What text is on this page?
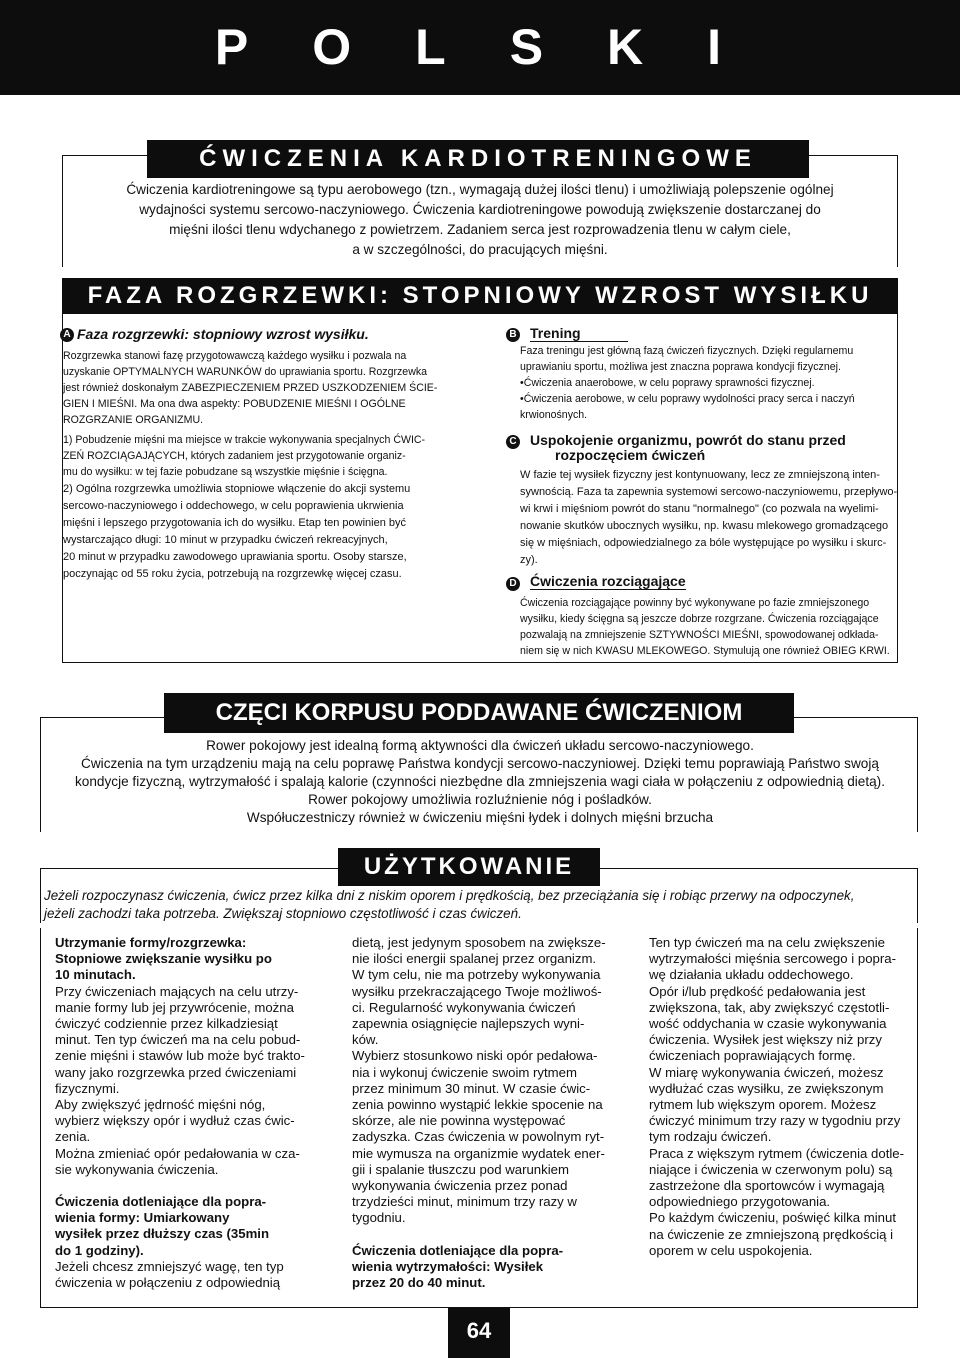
POLSKI
ĆWICZENIA KARDIOTRENINGOWE

Ćwiczenia kardiotreningowe są typu aerobowego (tzn., wymagają dużej ilości tlenu) i umożliwiają polepszenie ogólnej

wydajności systemu sercowo-naczyniowego. Ćwiczenia kardiotreningowe powodują zwiększenie dostarczanej do

mięśni ilości tlenu wdychanego z powietrzem. Zadaniem serca jest rozprowadzenia tlenu w całym ciele,

a w szczególności, do pracujących mięśni.

FAZA ROZGRZEWKI: STOPNIOWY WZROST WYSIŁKU
A Faza rozgrzewki: stopniowy wzrost wysiłku.

Rozgrzewka stanowi fazę przygotowawczą każdego wysiłku i pozwala na

uzyskanie OPTYMALNYCH WARUNKÓW do uprawiania sportu. Rozgrzewka

jest również doskonałym ZABEZPIECZENIEM PRZED USZKODZENIEM ŚCIE-

GIEN I MIEŚNI. Ma ona dwa aspekty: POBUDZENIE MIEŚNI I OGÓLNE

ROZGRZANIE ORGANIZMU.

1) Pobudzenie mięśni ma miejsce w trakcie wykonywania specjalnych ĆWIC-

ZEŃ ROZCIĄGAJĄCYCH, których zadaniem jest przygotowanie organiz-

mu do wysiłku: w tej fazie pobudzane są wszystkie mięśnie i ścięgna.

2) Ogólna rozgrzewka umożliwia stopniowe włączenie do akcji systemu

sercowo-naczyniowego i oddechowego, w celu poprawienia ukrwienia

mięśni i lepszego przygotowania ich do wysiłku. Etap ten powinien być

wystarczająco długi: 10 minut w przypadku ćwiczeń rekreacyjnych,

20 minut w przypadku zawodowego uprawiania sportu. Osoby starsze,

poczynając od 55 roku życia, potrzebują na rozgrzewkę więcej czasu.

B Trening

Faza treningu jest główną fazą ćwiczeń fizycznych. Dzięki regularnemu

uprawianiu sportu, możliwa jest znaczna poprawa kondycji fizycznej.

• Ćwiczenia anaerobowe, w celu poprawy sprawności fizycznej.

• Ćwiczenia aerobowe, w celu poprawy wydolności pracy serca i naczyń

krwionośnych.

C Uspokojenie organizmu, powrót do stanu przed
rozpoczęciem ćwiczeń

W fazie tej wysiłek fizyczny jest kontynuowany, lecz ze zmniejszoną inten-

sywnością. Faza ta zapewnia systemowi sercowo-naczyniowemu, przepływo-

wi krwi i mięśniom powrót do stanu "normalnego" (co pozwala na wyelimi-

nowanie skutków ubocznych wysiłku, np. kwasu mlekowego gromadzącego

się w mięśniach, odpowiedzialnego za bóle występujące po wysiłku i skurc-

zy).

D Ćwiczenia rozciągające

Ćwiczenia rozciągające powinny być wykonywane po fazie zmniejszonego

wysiłku, kiedy ścięgna są jeszcze dobrze rozgrzane. Ćwiczenia rozciągające

pozwalają na zmniejszenie SZTYWNOŚCI MIEŚNI, spowodowanej odkłada-

niem się w nich KWASU MLEKOWEGO. Stymulują one również OBIEG KRWI.

CZĘCI KORPUSU PODDAWANE ĆWICZENIOM

Rower pokojowy jest idealną formą aktywności dla ćwiczeń układu sercowo-naczyniowego.

Ćwiczenia na tym urządzeniu mają na celu poprawę Państwa kondycji sercowo-naczyniowej. Dzięki temu poprawiają Państwo swoją

kondycje fizyczną, wytrzymałość i spalają kalorie (czynności niezbędne dla zmniejszenia wagi ciała w połączeniu z odpowiednią dietą).

Rower pokojowy umożliwia rozluźnienie nóg i pośladków.

Współuczestniczy również w ćwiczeniu mięśni łydek i dolnych mięśni brzucha

UŻYTKOWANIE

Jeżeli rozpoczynasz ćwiczenia, ćwicz przez kilka dni z niskim oporem i prędkością, bez przeciążania się i robiąc przerwy na odpoczynek,

jeżeli zachodzi taka potrzeba. Zwiększaj stopniowo częstotliwość i czas ćwiczeń.

Utrzymanie formy/rozgrzewka:

Stopniowe zwiększanie wysiłku po

10 minutach.

Przy ćwiczeniach mających na celu utrzy-

manie formy lub jej przywrócenie, można

ćwiczyć codziennie przez kilkadziesiąt

minut. Ten typ ćwiczeń ma na celu pobud-

zenie mięśni i stawów lub może być trakto-

wany jako rozgrzewka przed ćwiczeniami

fizycznymi.

Aby zwiększyć jędrność mięśni nóg,

wybierz większy opór i wydłuż czas ćwic-

zenia.

Można zmieniać opór pedałowania w cza-

sie wykonywania ćwiczenia.

Ćwiczenia dotleniające dla popra-

wienia formy: Umiarkowany

wysiłek przez dłuższy czas (35min

do 1 godziny).

Jeżeli chcesz zmniejszyć wagę, ten typ

ćwiczenia w połączeniu z odpowiednią

dietą, jest jedynym sposobem na zwiększe-

nie ilości energii spalanej przez organizm.

W tym celu, nie ma potrzeby wykonywania

wysiłku przekraczającego Twoje możliwoś-

ci. Regularność wykonywania ćwiczeń

zapewnia osiągnięcie najlepszych wyni-

ków.

Wybierz stosunkowo niski opór pedałowa-

nia i wykonuj ćwiczenie swoim rytmem

przez minimum 30 minut. W czasie ćwic-

zenia powinno wystąpić lekkie spocenie na

skórze, ale nie powinna występować

zadyszka. Czas ćwiczenia w powolnym ryt-

mie wymusza na organizmie wydatek ener-

gii i spalanie tłuszczu pod warunkiem

wykonywania ćwiczenia przez ponad

trzydzieści minut, minimum trzy razy w

tygodniu.

Ćwiczenia dotleniające dla popra-

wienia wytrzymałości: Wysiłek

przez 20 do 40 minut.

Ten typ ćwiczeń ma na celu zwiększenie

wytrzymałości mięśnia sercowego i popra-

wę działania układu oddechowego.

Opór i/lub prędkość pedałowania jest

zwiększona, tak, aby zwiększyć częstotli-

wość oddychania w czasie wykonywania

ćwiczenia. Wysiłek jest większy niż przy

ćwiczeniach poprawiających formę.

W miarę wykonywania ćwiczeń, możesz

wydłużać czas wysiłku, ze zwiększonym

rytmem lub większym oporem. Możesz

ćwiczyć minimum trzy razy w tygodniu przy

tym rodzaju ćwiczeń.

Praca z większym rytmem (ćwiczenia dotle-

niające i ćwiczenia w czerwonym polu) są

zastrzeżone dla sportowców i wymagają

odpowiedniego przygotowania.

Po każdym ćwiczeniu, poświęć kilka minut

na ćwiczenie ze zmniejszoną prędkością i

oporem w celu uspokojenia.

64
